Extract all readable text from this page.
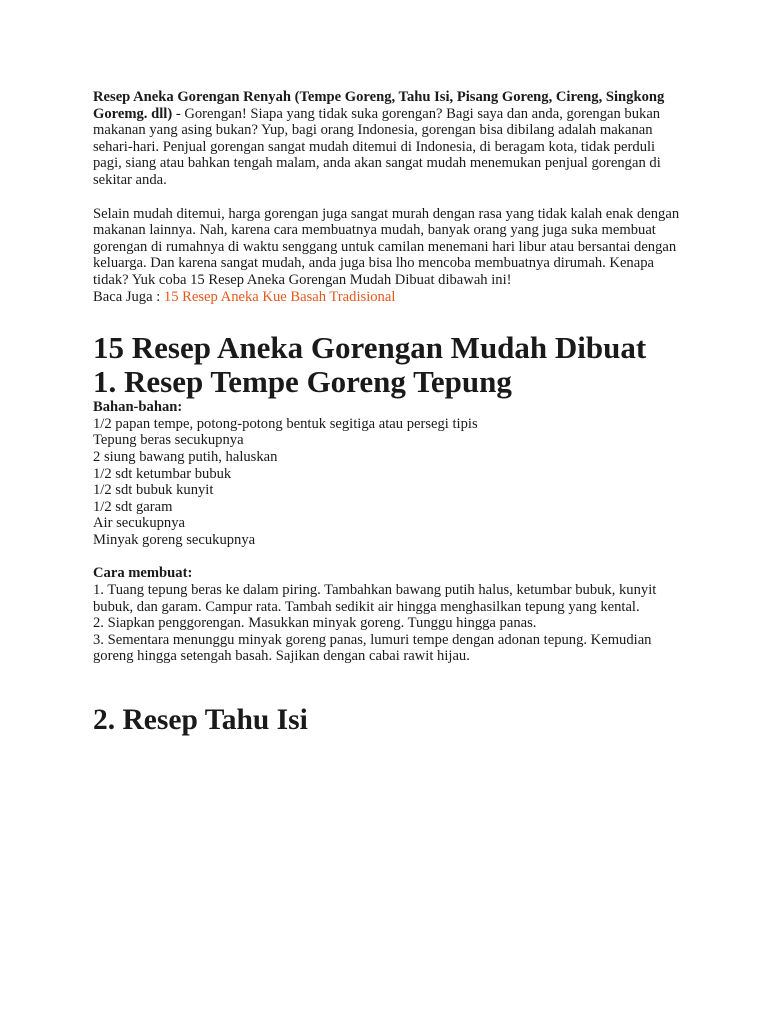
Resep Aneka Gorengan Renyah (Tempe Goreng, Tahu Isi, Pisang Goreng, Cireng, Singkong Goremg. dll) - Gorengan! Siapa yang tidak suka gorengan? Bagi saya dan anda, gorengan bukan makanan yang asing bukan? Yup, bagi orang Indonesia, gorengan bisa dibilang adalah makanan sehari-hari. Penjual gorengan sangat mudah ditemui di Indonesia, di beragam kota, tidak perduli pagi, siang atau bahkan tengah malam, anda akan sangat mudah menemukan penjual gorengan di sekitar anda.

Selain mudah ditemui, harga gorengan juga sangat murah dengan rasa yang tidak kalah enak dengan makanan lainnya. Nah, karena cara membuatnya mudah, banyak orang yang juga suka membuat gorengan di rumahnya di waktu senggang untuk camilan menemani hari libur atau bersantai dengan keluarga. Dan karena sangat mudah, anda juga bisa lho mencoba membuatnya dirumah. Kenapa tidak? Yuk coba 15 Resep Aneka Gorengan Mudah Dibuat dibawah ini!

Baca Juga : 15 Resep Aneka Kue Basah Tradisional

15 Resep Aneka Gorengan Mudah Dibuat
1. Resep Tempe Goreng Tepung
Bahan-bahan:
1/2 papan tempe, potong-potong bentuk segitiga atau persegi tipis
Tepung beras secukupnya
2 siung bawang putih, haluskan
1/2 sdt ketumbar bubuk
1/2 sdt bubuk kunyit
1/2 sdt garam
Air secukupnya
Minyak goreng secukupnya
Cara membuat:

1. Tuang tepung beras ke dalam piring. Tambahkan bawang putih halus, ketumbar bubuk, kunyit bubuk, dan garam. Campur rata. Tambah sedikit air hingga menghasilkan tepung yang kental.

2. Siapkan penggorengan. Masukkan minyak goreng. Tunggu hingga panas.

3. Sementara menunggu minyak goreng panas, lumuri tempe dengan adonan tepung. Kemudian goreng hingga setengah basah. Sajikan dengan cabai rawit hijau.

2. Resep Tahu Isi
